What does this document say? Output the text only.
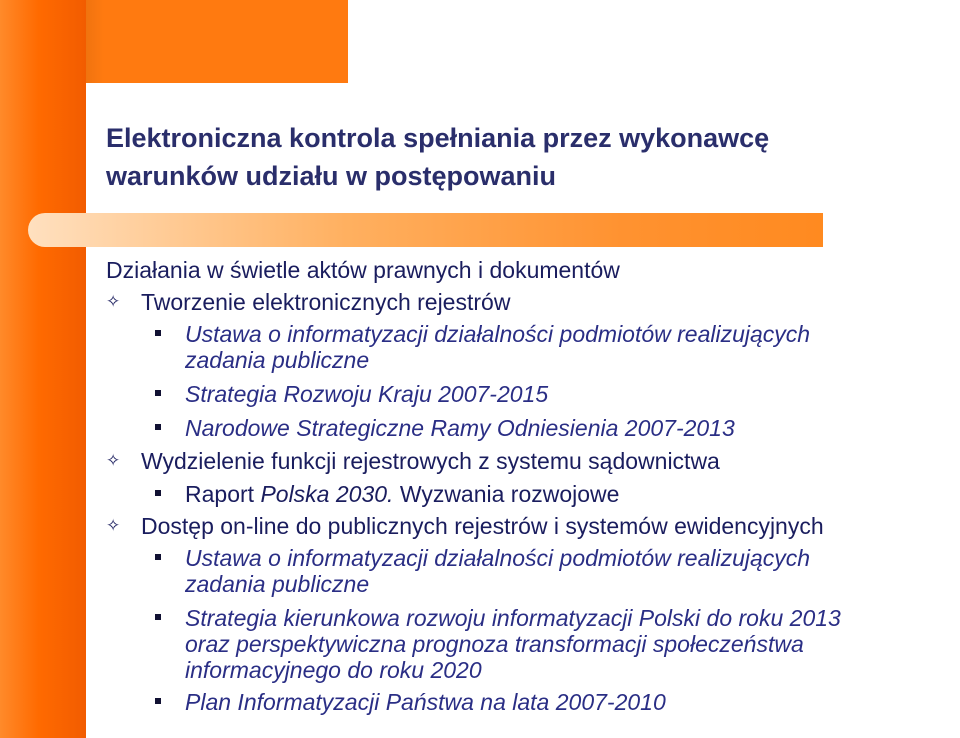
Elektroniczna kontrola spełniania przez wykonawcę
warunków udziału w postępowaniu
Działania w świetle aktów prawnych i dokumentów
✧ Tworzenie elektronicznych rejestrów
Ustawa o informatyzacji działalności podmiotów realizujących
zadania publiczne
Strategia Rozwoju Kraju 2007-2015
Narodowe Strategiczne Ramy Odniesienia 2007-2013
✧ Wydzielenie funkcji rejestrowych z systemu sądownictwa
Raport Polska 2030. Wyzwania rozwojowe
✧ Dostęp on-line do publicznych rejestrów i systemów ewidencyjnych
Ustawa o informatyzacji działalności podmiotów realizujących
zadania publiczne
Strategia kierunkowa rozwoju informatyzacji Polski do roku 2013
oraz perspektywiczna prognoza transformacji społeczeństwa
informacyjnego do roku 2020
Plan Informatyzacji Państwa na lata 2007-2010
